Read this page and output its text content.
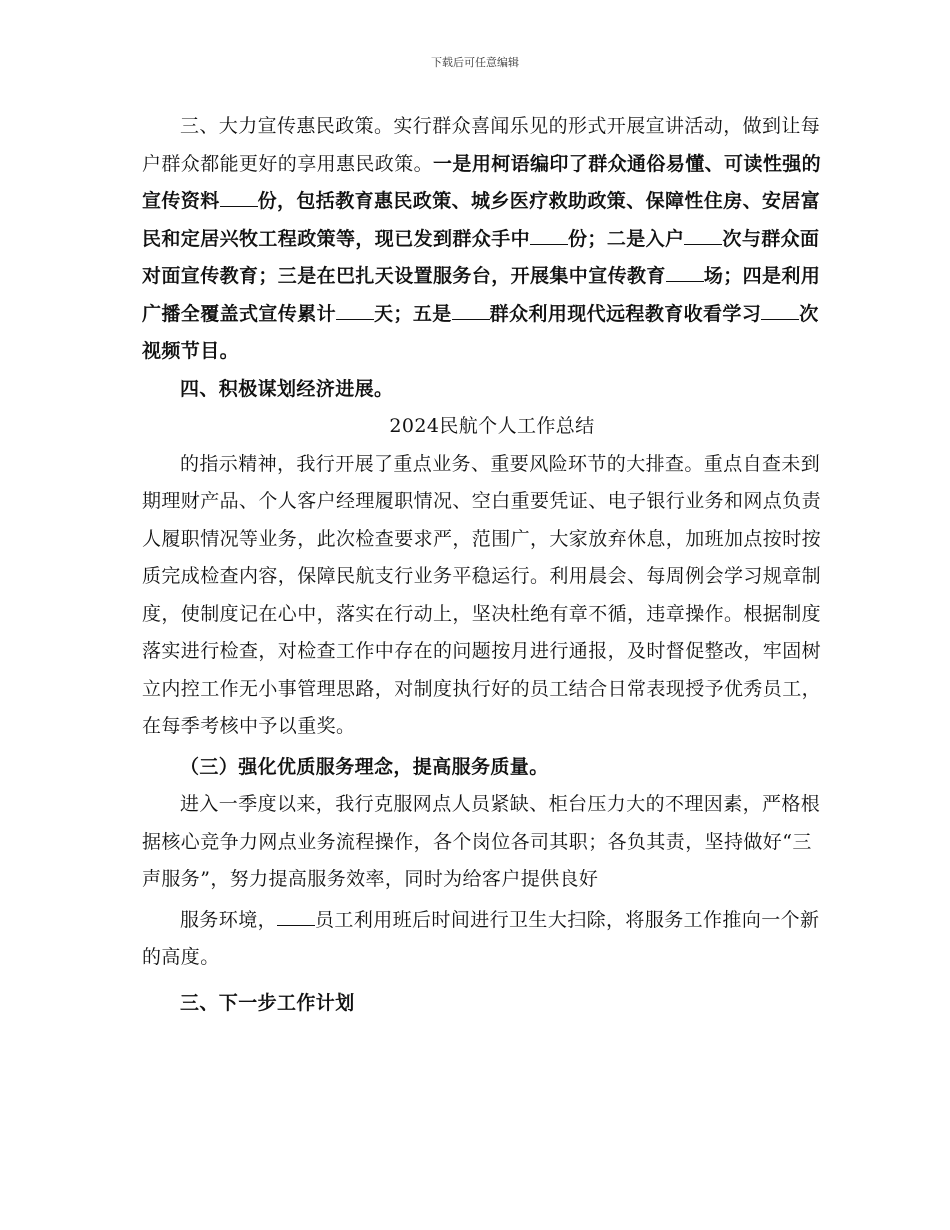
下载后可任意编辑

三、大力宣传惠民政策。实行群众喜闻乐见的形式开展宣讲活动，做到让每户群众都能更好的享用惠民政策。一是用柯语编印了群众通俗易懂、可读性强的宣传资料 份，包括教育惠民政策、城乡医疗救助政策、保障性住房、安居富民和定居兴牧工程政策等，现已发到群众手中 份；二是入户 次与群众面对面宣传教育；三是在巴扎天设置服务台，开展集中宣传教育 场；四是利用广播全覆盖式宣传累计 天；五是 群众利用现代远程教育收看学习 次视频节目。

四、积极谋划经济进展。

2024民航个人工作总结

的指示精神，我行开展了重点业务、重要风险环节的大排查。重点自查未到期理财产品、个人客户经理履职情况、空白重要凭证、电子银行业务和网点负责人履职情况等业务，此次检查要求严，范围广，大家放弃休息，加班加点按时按质完成检查内容，保障民航支行业务平稳运行。利用晨会、每周例会学习规章制度，使制度记在心中，落实在行动上，坚决杜绝有章不循，违章操作。根据制度落实进行检查，对检查工作中存在的问题按月进行通报，及时督促整改，牢固树立内控工作无小事管理思路，对制度执行好的员工结合日常表现授予优秀员工，在每季考核中予以重奖。

（三）强化优质服务理念，提高服务质量。

进入一季度以来，我行克服网点人员紧缺、柜台压力大的不理因素，严格根据核心竞争力网点业务流程操作，各个岗位各司其职；各负其责，坚持做好“三声服务”，努力提高服务效率，同时为给客户提供良好

服务环境， 员工利用班后时间进行卫生大扫除，将服务工作推向一个新的高度。

三、下一步工作计划
